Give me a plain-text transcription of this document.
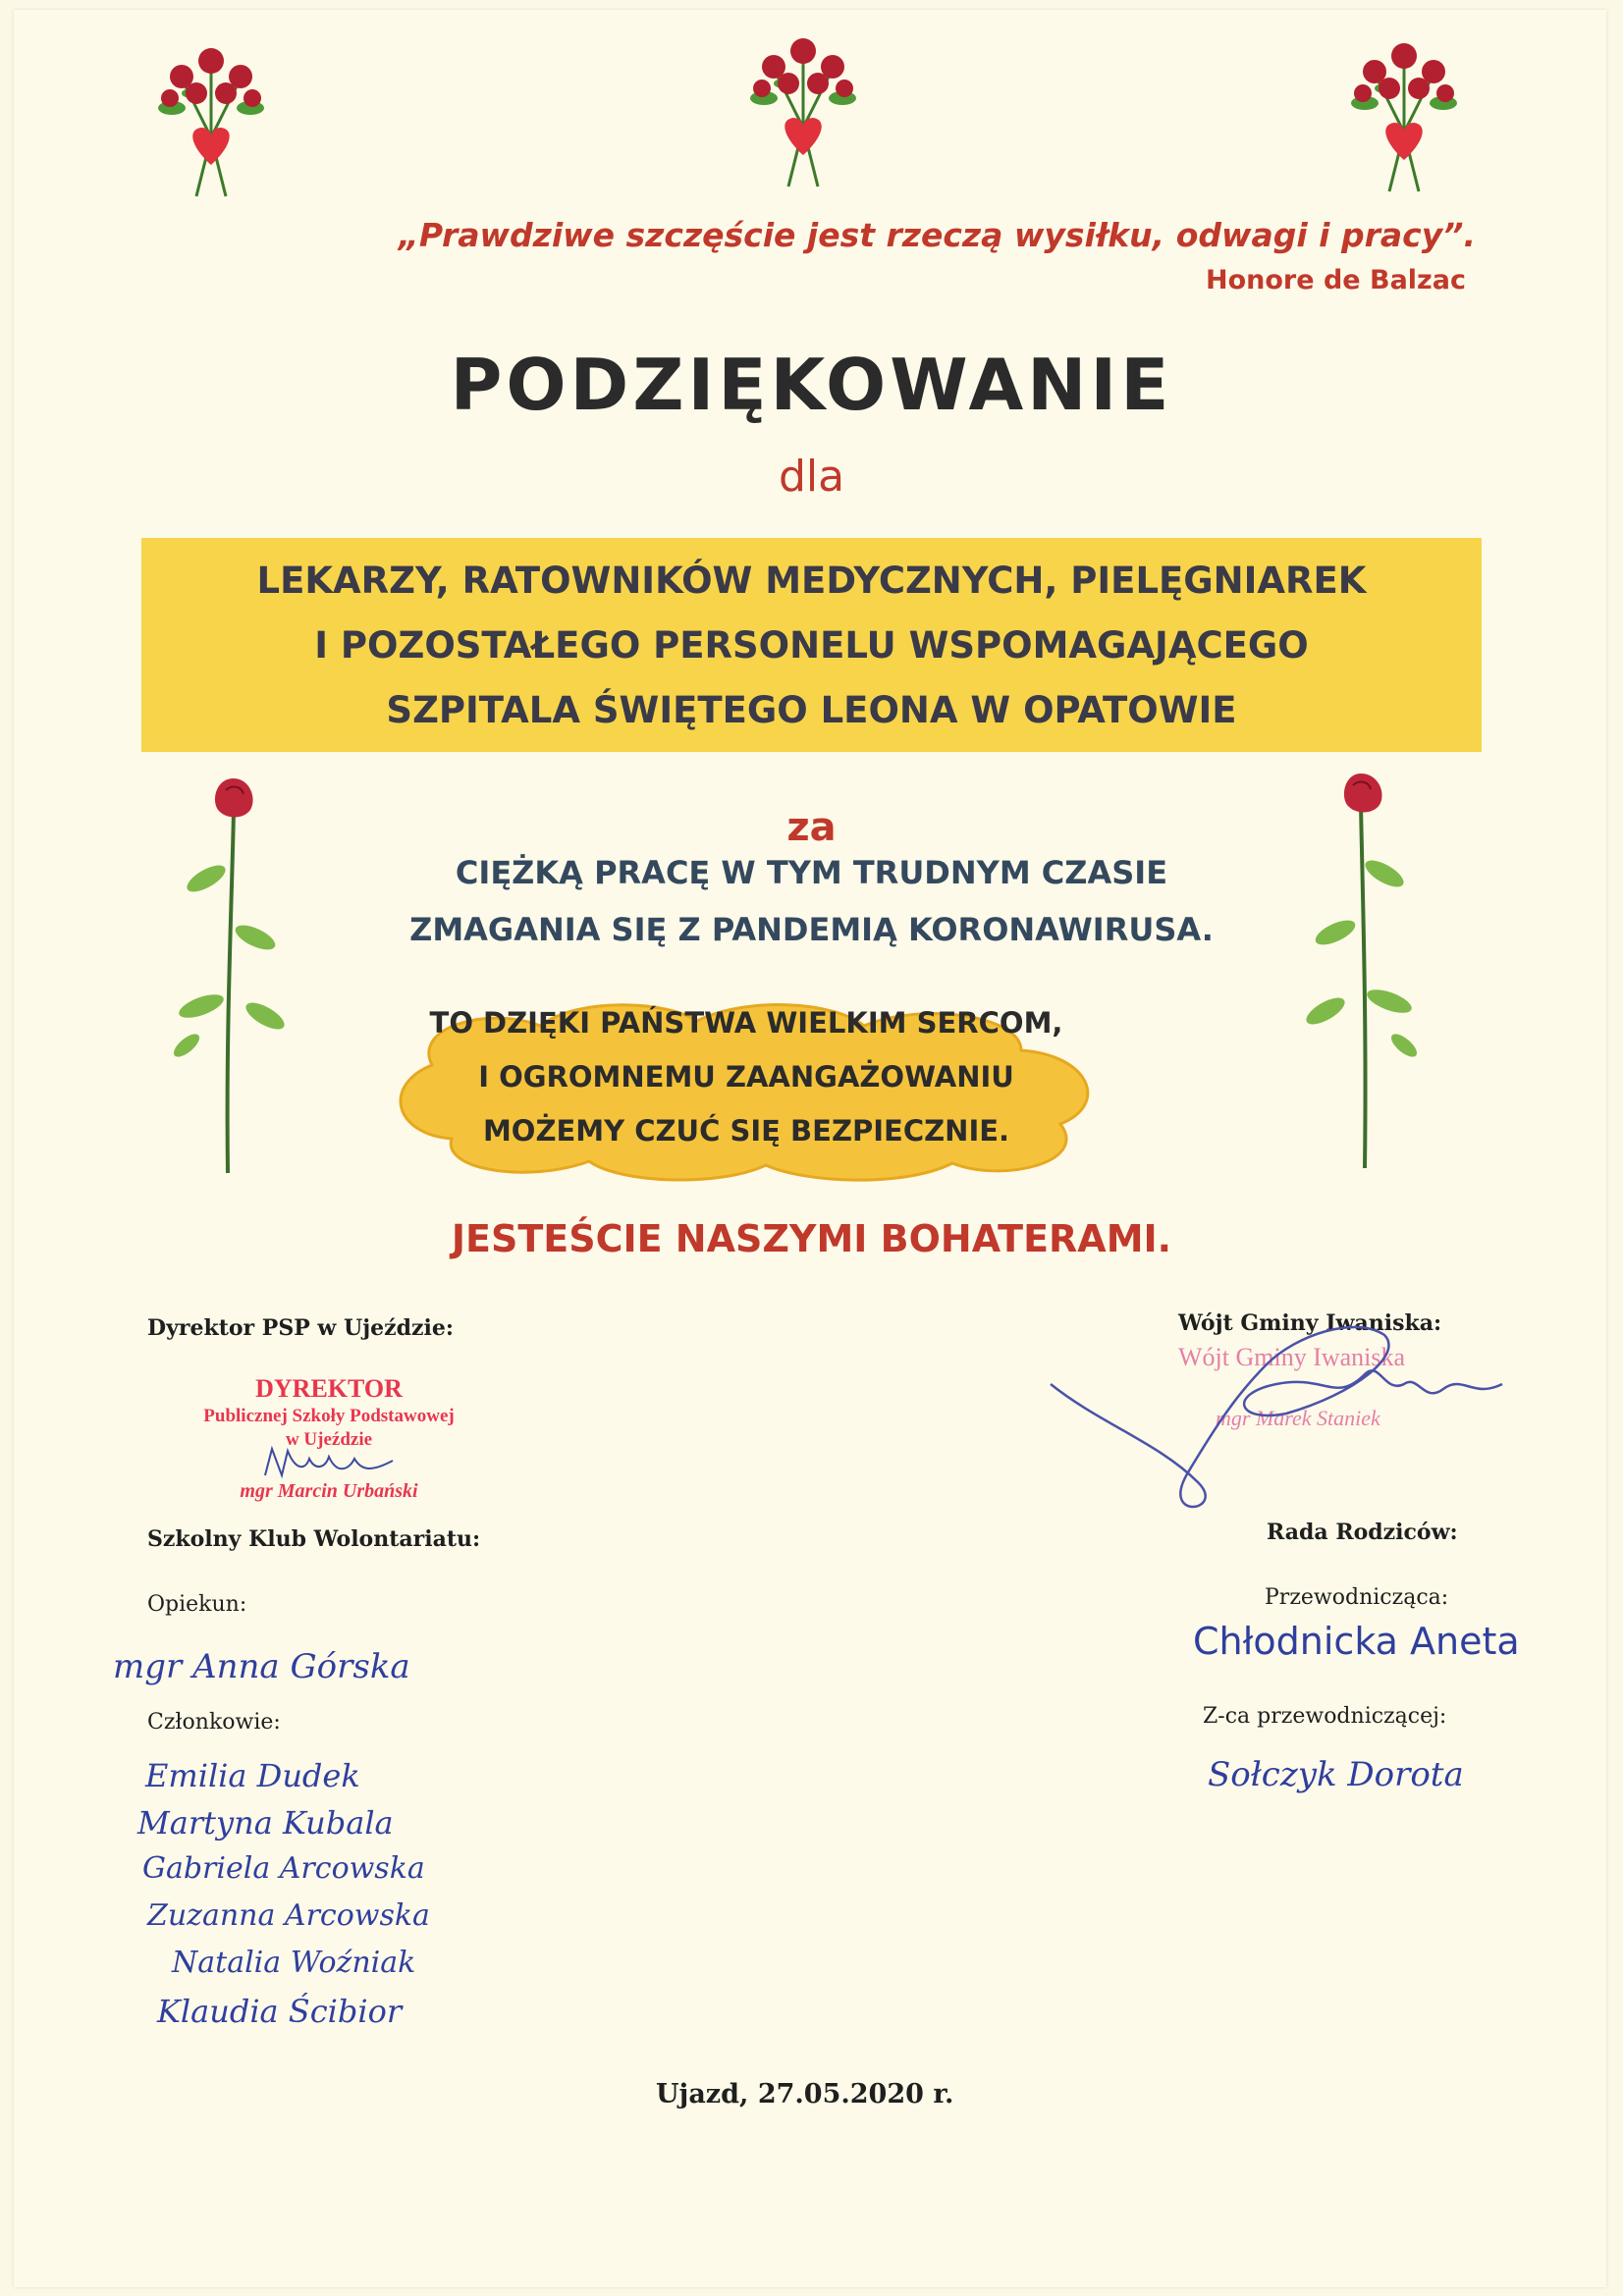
„Prawdziwe szczęście jest rzeczą wysiłku, odwagi i pracy”.
Honore de Balzac
PODZIĘKOWANIE
dla
LEKARZY, RATOWNIKÓW MEDYCZNYCH, PIELĘGNIAREK
I POZOSTAŁEGO PERSONELU WSPOMAGAJĄCEGO
SZPITALA ŚWIĘTEGO LEONA W OPATOWIE
za
CIĘŻKĄ PRACĘ W TYM TRUDNYM CZASIE
ZMAGANIA SIĘ Z PANDEMIĄ KORONAWIRUSA.
TO DZIĘKI PAŃSTWA WIELKIM SERCOM,
I OGROMNEMU ZAANGAŻOWANIU
MOŻEMY CZUĆ SIĘ BEZPIECZNIE.
JESTEŚCIE NASZYMI BOHATERAMI.
Dyrektor PSP w Ujeździe:
DYREKTOR
Publicznej Szkoły Podstawowej
w Ujeździe
mgr Marcin Urbański
Szkolny Klub Wolontariatu:
Opiekun:
mgr Anna Górska
Członkowie:
Emilia Dudek
Martyna Kubala
Gabriela Arcowska
Zuzanna Arcowska
Natalia Woźniak
Klaudia Ścibior
Wójt Gminy Iwaniska:
Wójt Gminy Iwaniska
mgr Marek Staniek
Rada Rodziców:
Przewodnicząca:
Chłodnicka Aneta
Z-ca przewodniczącej:
Sołczyk Dorota
Ujazd, 27.05.2020 r.
